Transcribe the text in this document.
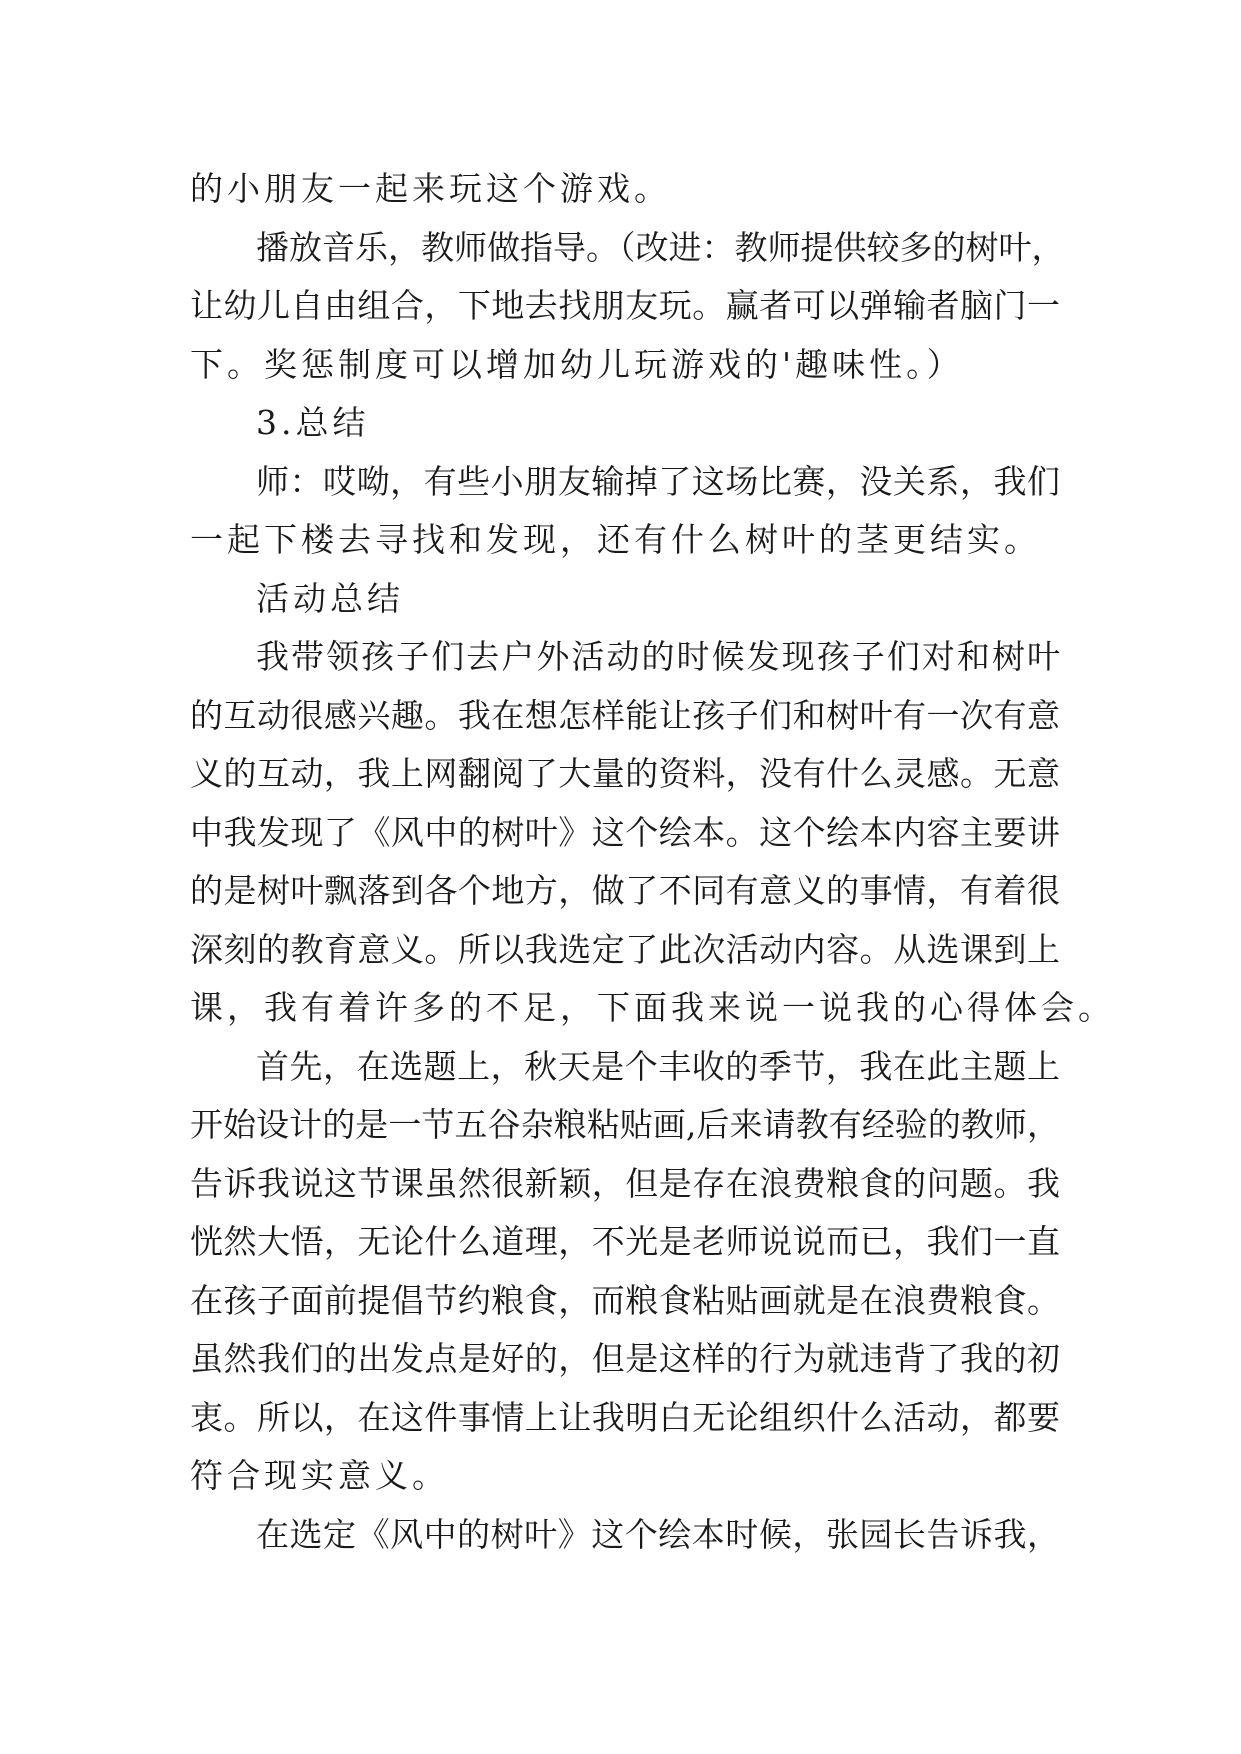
的小朋友一起来玩这个游戏。
播放音乐，教师做指导。（改进：教师提供较多的树叶，
让幼儿自由组合，下地去找朋友玩。赢者可以弹输者脑门一
下。奖惩制度可以增加幼儿玩游戏的'趣味性。）
3.总结
师：哎呦，有些小朋友输掉了这场比赛，没关系，我们
一起下楼去寻找和发现，还有什么树叶的茎更结实。
活动总结
我带领孩子们去户外活动的时候发现孩子们对和树叶
的互动很感兴趣。我在想怎样能让孩子们和树叶有一次有意
义的互动，我上网翻阅了大量的资料，没有什么灵感。无意
中我发现了《风中的树叶》这个绘本。这个绘本内容主要讲
的是树叶飘落到各个地方，做了不同有意义的事情，有着很
深刻的教育意义。所以我选定了此次活动内容。从选课到上
课，我有着许多的不足，下面我来说一说我的心得体会。
首先，在选题上，秋天是个丰收的季节，我在此主题上
开始设计的是一节五谷杂粮粘贴画,后来请教有经验的教师，
告诉我说这节课虽然很新颖，但是存在浪费粮食的问题。我
恍然大悟，无论什么道理，不光是老师说说而已，我们一直
在孩子面前提倡节约粮食，而粮食粘贴画就是在浪费粮食。
虽然我们的出发点是好的，但是这样的行为就违背了我的初
衷。所以，在这件事情上让我明白无论组织什么活动，都要
符合现实意义。
在选定《风中的树叶》这个绘本时候，张园长告诉我，
